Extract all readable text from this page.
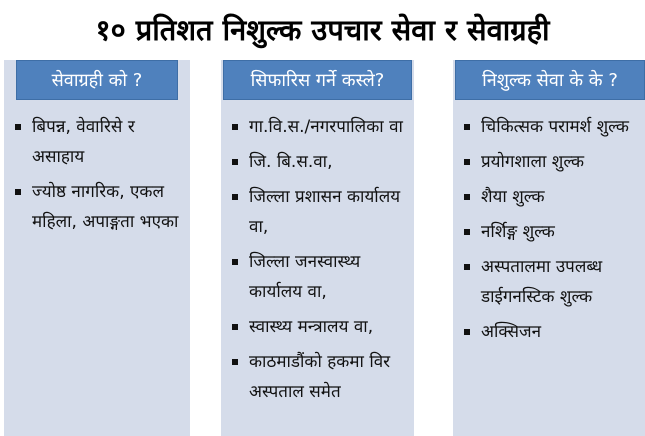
१० प्रतिशत निशुल्क उपचार सेवा र सेवाग्रही
सेवाग्रही को ?
बिपन्न, वेवारिसे र असाहाय
ज्योष्ठ नागरिक, एकल महिला, अपाङ्गता भएका
सिफारिस गर्ने कस्ले?
गा.वि.स./नगरपालिका वा
जि. बि.स.वा,
जिल्ला प्रशासन कार्यालय वा,
जिल्ला जनस्वास्थ्य कार्यालय वा,
स्वास्थ्य मन्त्रालय वा,
काठमाडौंको हकमा विर अस्पताल समेत
निशुल्क सेवा के के ?
चिकित्सक परामर्श शुल्क
प्रयोगशाला शुल्क
शैया शुल्क
नर्शिङ्ग शुल्क
अस्पतालमा उपलब्ध डाईगनस्टिक शुल्क
अक्सिजन
